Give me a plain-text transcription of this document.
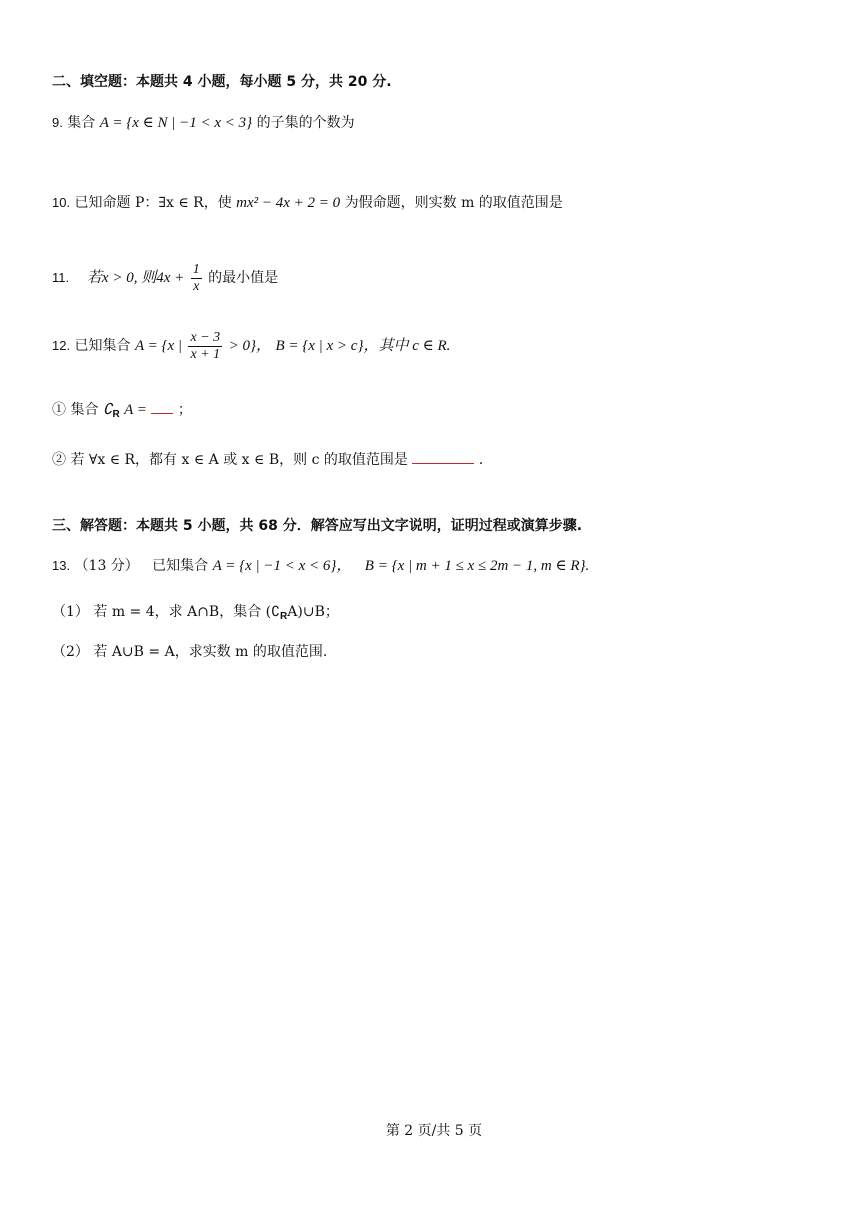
二、填空题：本题共 4 小题，每小题 5 分，共 20 分.
9. 集合 A = {x ∈ N | −1 < x < 3} 的子集的个数为
10. 已知命题 P：∃x ∈ R，使 mx² − 4x + 2 = 0 为假命题，则实数 m 的取值范围是
11. 若x > 0, 则$4x + \frac{1}{x}$ 的最小值是
12. 已知集合 A = {x | $\frac{x - 3}{x + 1} > 0$}， B = {x | x > c}，其中 c ∈ R.
① 集合 $∁_R$ A = ；
② 若 ∀x ∈ R，都有 x ∈ A 或 x ∈ B，则 c 的取值范围是	.
三、解答题：本题共 5 小题，共 68 分．解答应写出文字说明，证明过程或演算步骤.
13. （13 分） 已知集合 A = {x | −1 < x < 6}， B = {x | m + 1 ≤ x ≤ 2m − 1, m ∈ R}.
（1） 若 m = 4，求 A∩B，集合 $(∁_RA)\cup B$；
（2） 若 A∪B = A，求实数 m 的取值范围.
第 2 页/共 5 页
